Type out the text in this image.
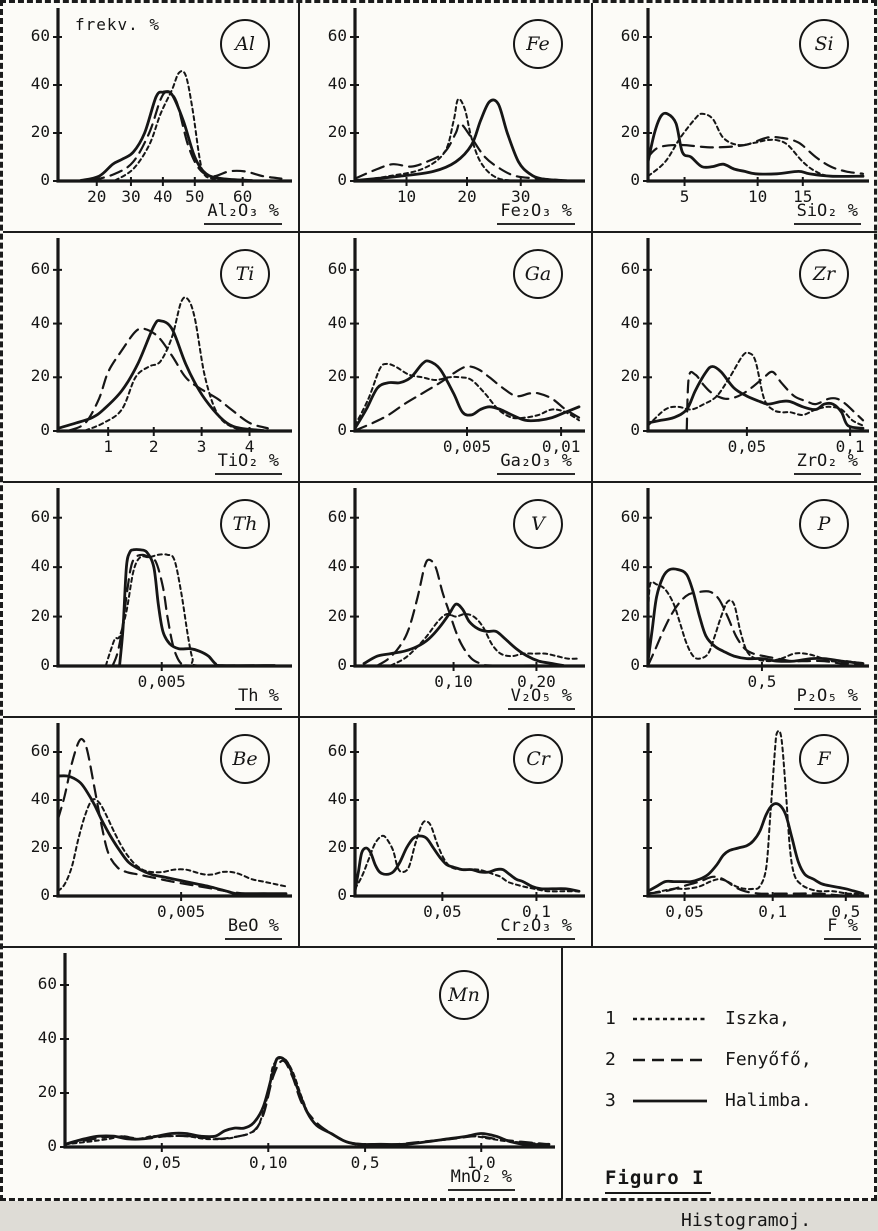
1	Iszka,
2	Fenyőfő,
3	Halimba.
Figuro I
Histogramoj.
frekv. %
0
20
40
60
20 30 40 50 60
Al
Al₂O₃ %
0
20
40
60
10	20 30
Fe
Fe₂O₃ %
0
20
40
60
5	10 15
Si
SiO₂ %
0
20
40
60
1 2 3 4
Ti
TiO₂ %
0
20
40
60
0,005	0,01
Ga
Ga₂O₃ %
0
20
40
60
0,05	0,1
Zr
ZrO₂ %
0
20
40
60
0,005
Th
Th %
0
20
40
60
0,10	0,20
V
V₂O₅ %
0
20
40
60
0,5
P
P₂O₅ %
0
20
40
60
0,005
Be
BeO %
0
20
40
60
0,05	0,1
Cr
Cr₂O₃ %
0,05	0,1	0,5
F
F %
0
20
40
60
0,05	0,10	0,5	1,0
Mn
MnO₂ %
